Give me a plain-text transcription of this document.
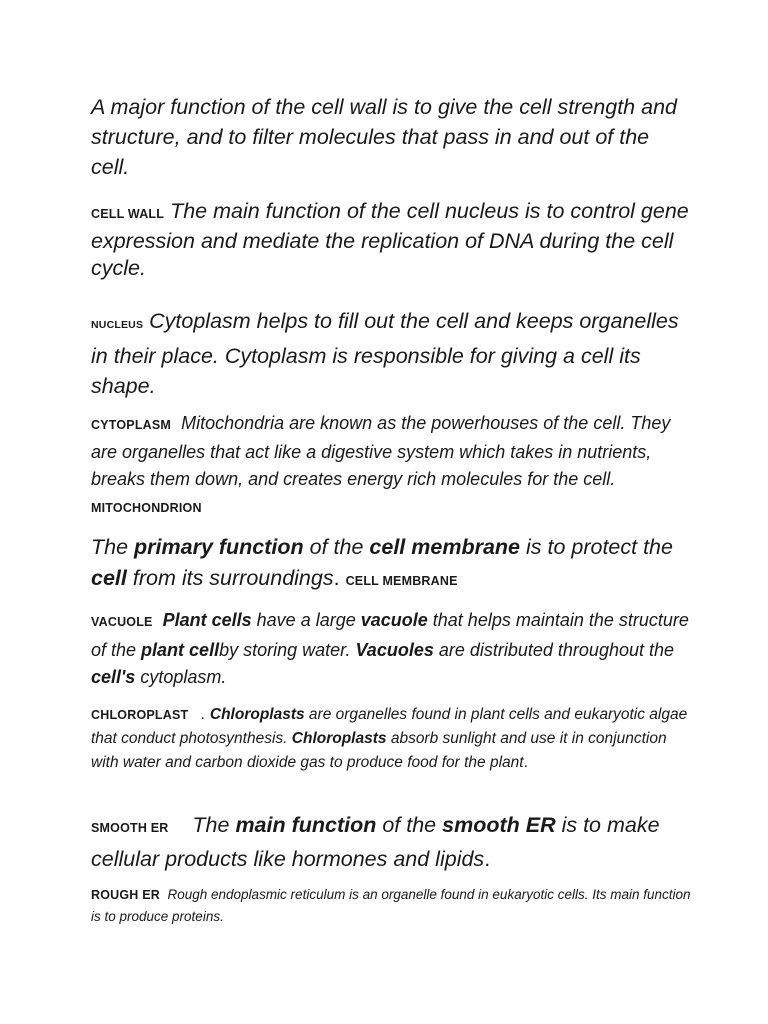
A major function of the cell wall is to give the cell strength and structure, and to filter molecules that pass in and out of the cell.

CELL WALL The main function of the cell nucleus is to control gene expression and mediate the replication of DNA during the cell cycle.

NUCLEUS Cytoplasm helps to fill out the cell and keeps organelles in their place. Cytoplasm is responsible for giving a cell its shape.

CYTOPLASM Mitochondria are known as the powerhouses of the cell. They are organelles that act like a digestive system which takes in nutrients, breaks them down, and creates energy rich molecules for the cell.  MITOCHONDRION

The primary function of the cell membrane is to protect the cell from its surroundings. CELL MEMBRANE

VACUOLE Plant cells have a large vacuole that helps maintain the structure of the plant cellby storing water. Vacuoles are distributed throughout the cell's cytoplasm.

CHLOROPLAST . Chloroplasts are organelles found in plant cells and eukaryotic algae that conduct photosynthesis. Chloroplasts absorb sunlight and use it in conjunction with water and carbon dioxide gas to produce food for the plant.

SMOOTH ER The main function of the smooth ER is to make cellular products like hormones and lipids.

ROUGH ER Rough endoplasmic reticulum is an organelle found in eukaryotic cells. Its main function is to produce proteins.
